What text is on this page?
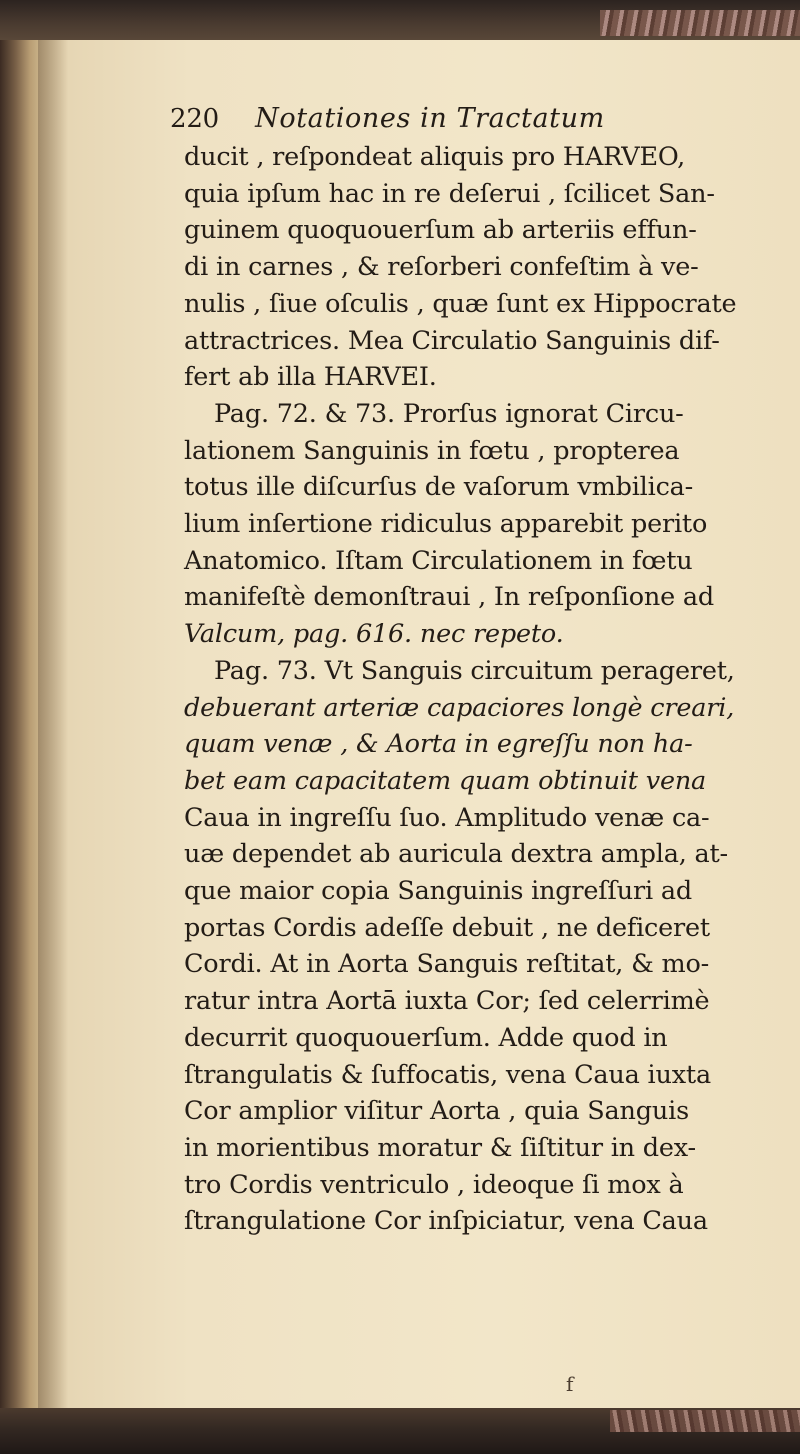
220 Notationes in Tractatum
ducit , reſpondeat aliquis pro HARVEO,
quia ipſum hac in re deſerui , ſcilicet San-
guinem quoquouerſum ab arteriis effun-
di in carnes , & reſorberi confeſtim à ve-
nulis , ſiue oſculis , quæ ſunt ex Hippocrate
attractrices. Mea Circulatio Sanguinis dif-
fert ab illa HARVEI.
Pag. 72. & 73. Prorſus ignorat Circu-
lationem Sanguinis in fœtu , propterea
totus ille diſcurſus de vaſorum vmbilica-
lium inſertione ridiculus apparebit perito
Anatomico. Iſtam Circulationem in fœtu
manifeſtè demonſtraui , In reſponſione ad
Valcum, pag. 616. nec repeto.
Pag. 73. Vt Sanguis circuitum perageret,
debuerant arteriæ capaciores longè creari,
quam venæ , & Aorta in egreſſu non ha-
bet eam capacitatem quam obtinuit vena
Caua in ingreſſu ſuo. Amplitudo venæ ca-
uæ dependet ab auricula dextra ampla, at-
que maior copia Sanguinis ingreſſuri ad
portas Cordis adeſſe debuit , ne deficeret
Cordi. At in Aorta Sanguis reſtitat, & mo-
ratur intra Aortā iuxta Cor; ſed celerrimè
decurrit quoquouerſum. Adde quod in
ſtrangulatis & ſuffocatis, vena Caua iuxta
Cor amplior viſitur Aorta , quia Sanguis
in morientibus moratur & ſiſtitur in dex-
tro Cordis ventriculo , ideoque ſi mox à
ſtrangulatione Cor inſpiciatur, vena Caua
f
